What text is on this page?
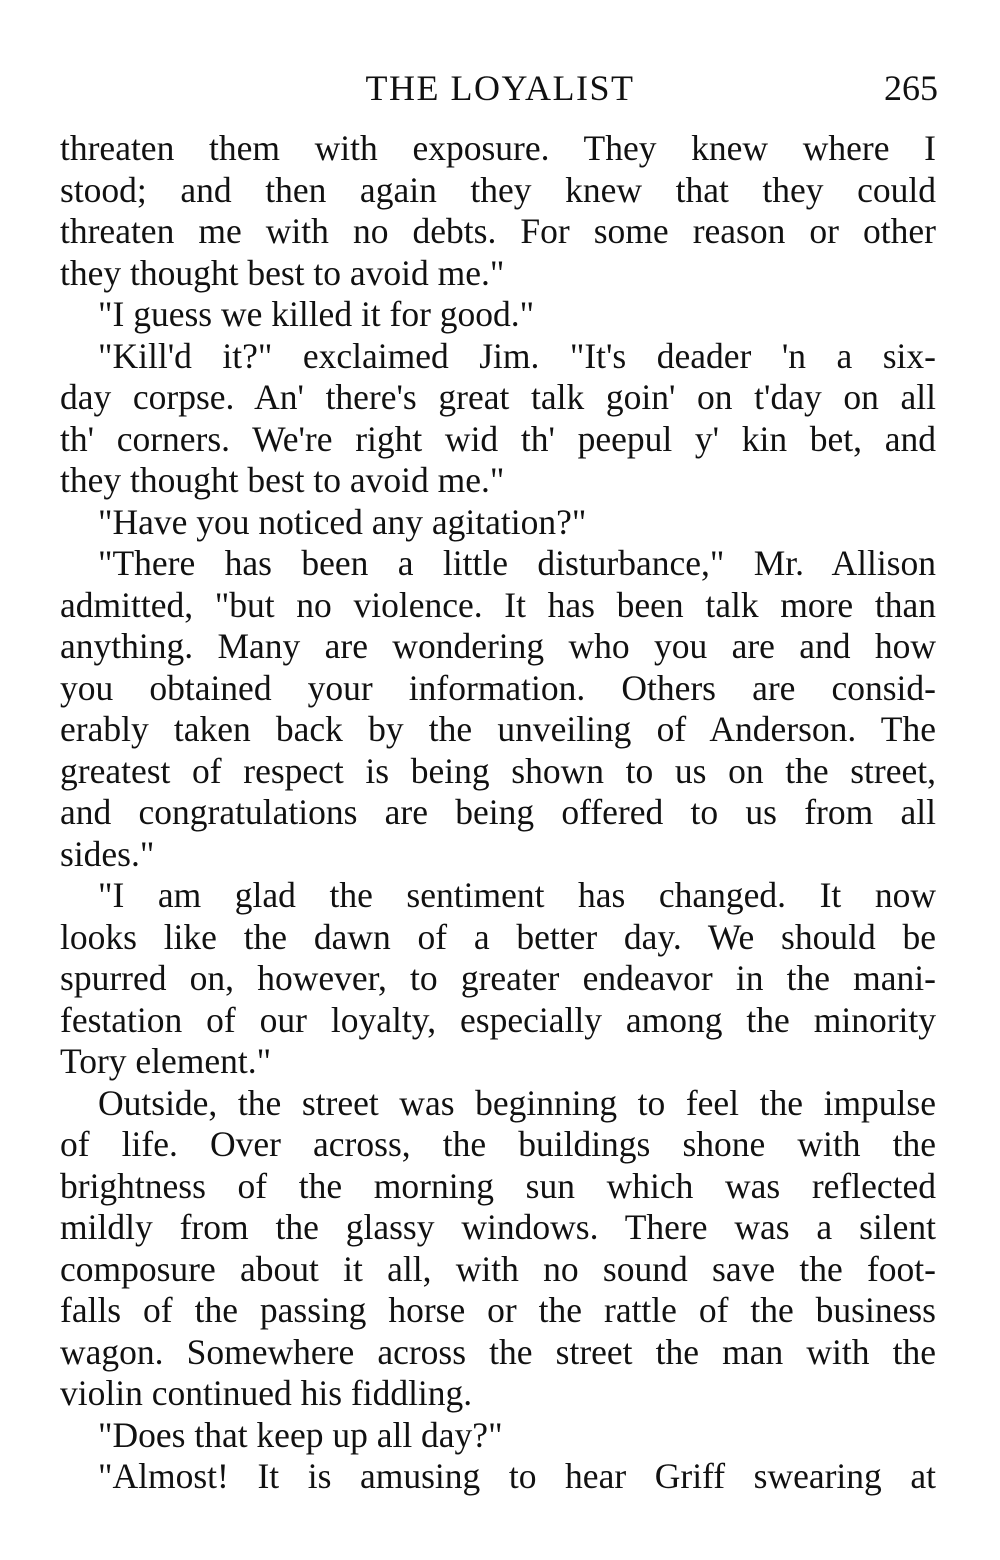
THE LOYALIST	265
threaten them with exposure. They knew where I
stood; and then again they knew that they could
threaten me with no debts. For some reason or other
they thought best to avoid me."
"I guess we killed it for good."
"Kill'd it?" exclaimed Jim. "It's deader 'n a six-
day corpse. An' there's great talk goin' on t'day on all
th' corners. We're right wid th' peepul y' kin bet, and
they thought best to avoid me."
"Have you noticed any agitation?"
"There has been a little disturbance," Mr. Allison
admitted, "but no violence. It has been talk more than
anything. Many are wondering who you are and how
you obtained your information. Others are consid-
erably taken back by the unveiling of Anderson. The
greatest of respect is being shown to us on the street,
and congratulations are being offered to us from all
sides."
"I am glad the sentiment has changed. It now
looks like the dawn of a better day. We should be
spurred on, however, to greater endeavor in the mani-
festation of our loyalty, especially among the minority
Tory element."
Outside, the street was beginning to feel the impulse
of life. Over across, the buildings shone with the
brightness of the morning sun which was reflected
mildly from the glassy windows. There was a silent
composure about it all, with no sound save the foot-
falls of the passing horse or the rattle of the business
wagon. Somewhere across the street the man with the
violin continued his fiddling.
"Does that keep up all day?"
"Almost! It is amusing to hear Griff swearing at
